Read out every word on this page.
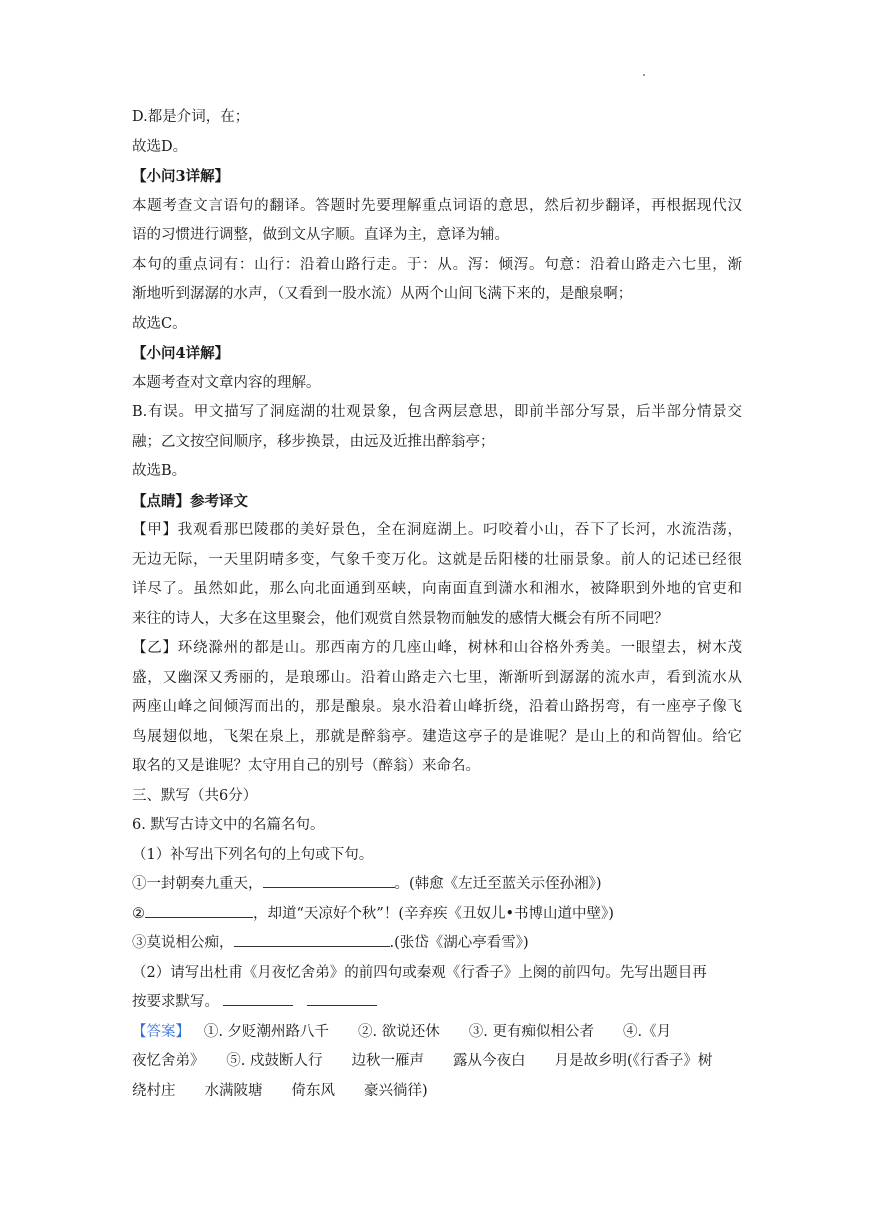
D.都是介词，在；
故选D。
【小问3详解】
本题考查文言语句的翻译。答题时先要理解重点词语的意思，然后初步翻译，再根据现代汉
语的习惯进行调整，做到文从字顺。直译为主，意译为辅。
本句的重点词有：山行：沿着山路行走。于：从。泻：倾泻。句意：沿着山路走六七里，渐
渐地听到潺潺的水声，（又看到一股水流）从两个山间飞满下来的，是酿泉啊；
故选C。
【小问4详解】
本题考查对文章内容的理解。
B.有误。甲文描写了洞庭湖的壮观景象，包含两层意思，即前半部分写景，后半部分情景交
融；乙文按空间顺序，移步换景，由远及近推出醉翁亭；
故选B。
【点睛】参考译文
【甲】我观看那巴陵郡的美好景色，全在洞庭湖上。叼咬着小山，吞下了长河，水流浩荡，
无边无际，一天里阴晴多变，气象千变万化。这就是岳阳楼的壮丽景象。前人的记述已经很
详尽了。虽然如此，那么向北面通到巫峡，向南面直到潇水和湘水，被降职到外地的官吏和
来往的诗人，大多在这里聚会，他们观赏自然景物而触发的感情大概会有所不同吧？
【乙】环绕滁州的都是山。那西南方的几座山峰，树林和山谷格外秀美。一眼望去，树木茂
盛，又幽深又秀丽的，是琅琊山。沿着山路走六七里，渐渐听到潺潺的流水声，看到流水从
两座山峰之间倾泻而出的，那是酿泉。泉水沿着山峰折绕，沿着山路拐弯，有一座亭子像飞
鸟展翅似地，飞架在泉上，那就是醉翁亭。建造这亭子的是谁呢？是山上的和尚智仙。给它
取名的又是谁呢？太守用自己的别号（醉翁）来命名。
三、默写（共6分）
6. 默写古诗文中的名篇名句。
（1）补写出下列名句的上句或下句。
①一封朝奏九重天，	。(韩愈《左迁至蓝关示侄孙湘》)
②	，却道“天凉好个秋”！(辛弃疾《丑奴儿•书博山道中壁》)
③莫说相公痴，	.(张岱《湖心亭看雪》)
（2）请写出杜甫《月夜忆舍弟》的前四句或秦观《行香子》上阕的前四句。先写出题目再
按要求默写。
【答案】 ①. 夕贬潮州路八千　　②. 欲说还休　　③. 更有痴似相公者　　④.《月
夜忆舍弟》　　⑤. 戍鼓断人行　　边秋一雁声　　露从今夜白　　月是故乡明(《行香子》树
绕村庄　　水满陂塘　　倚东风　　豪兴徜徉)
